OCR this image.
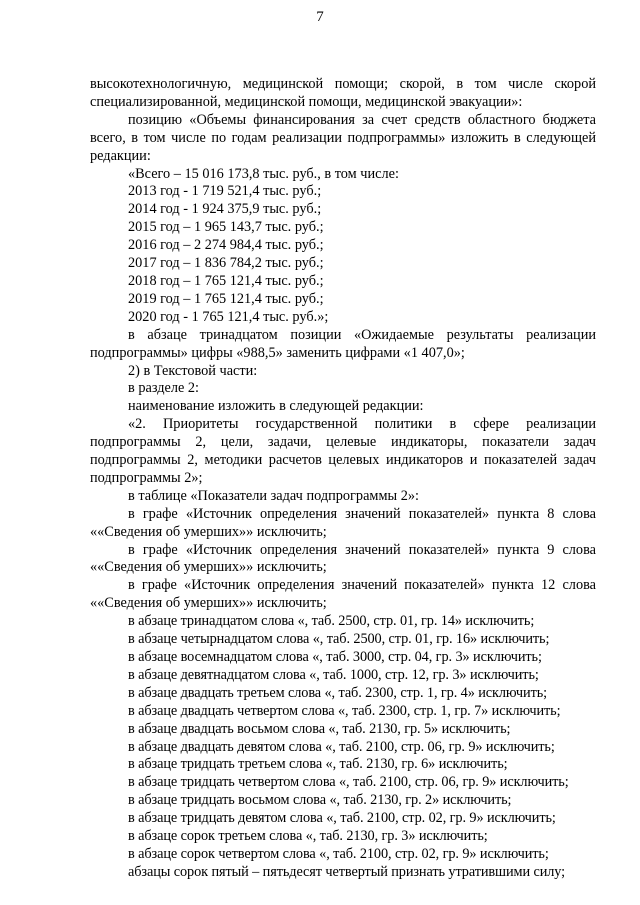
7

высокотехнологичную, медицинской помощи; скорой, в том числе скорой специализированной, медицинской помощи, медицинской эвакуации»:

позицию «Объемы финансирования за счет средств областного бюджета всего, в том числе по годам реализации подпрограммы» изложить в следующей редакции:

«Всего – 15 016 173,8 тыс. руб., в том числе:

2013 год - 1 719 521,4 тыс. руб.;

2014 год - 1 924 375,9 тыс. руб.;

2015 год – 1 965 143,7 тыс. руб.;

2016 год – 2 274 984,4 тыс. руб.;

2017 год – 1 836 784,2 тыс. руб.;

2018 год – 1 765 121,4 тыс. руб.;

2019 год – 1 765 121,4 тыс. руб.;

2020 год - 1 765 121,4 тыс. руб.»;

в абзаце тринадцатом позиции «Ожидаемые результаты реализации подпрограммы» цифры «988,5» заменить цифрами «1 407,0»;

2) в Текстовой части:

в разделе 2:

наименование изложить в следующей редакции:

«2. Приоритеты государственной политики в сфере реализации подпрограммы 2, цели, задачи, целевые индикаторы, показатели задач подпрограммы 2, методики расчетов целевых индикаторов и показателей задач подпрограммы 2»;

в таблице «Показатели задач подпрограммы 2»:

в графе «Источник определения значений показателей» пункта 8 слова ««Сведения об умерших»» исключить;

в графе «Источник определения значений показателей» пункта 9 слова ««Сведения об умерших»» исключить;

в графе «Источник определения значений показателей» пункта 12 слова ««Сведения об умерших»» исключить;

в абзаце тринадцатом слова «, таб. 2500, стр. 01, гр. 14» исключить;

в абзаце четырнадцатом слова «, таб. 2500, стр. 01, гр. 16» исключить;

в абзаце восемнадцатом слова «, таб. 3000, стр. 04, гр. 3» исключить;

в абзаце девятнадцатом слова «, таб. 1000, стр. 12, гр. 3» исключить;

в абзаце двадцать третьем слова «, таб. 2300, стр. 1, гр. 4» исключить;

в абзаце двадцать четвертом слова «, таб. 2300, стр. 1, гр. 7» исключить;

в абзаце двадцать восьмом слова «, таб. 2130, гр. 5» исключить;

в абзаце двадцать девятом слова «, таб. 2100, стр. 06, гр. 9» исключить;

в абзаце тридцать третьем слова «, таб. 2130, гр. 6» исключить;

в абзаце тридцать четвертом слова «, таб. 2100, стр. 06, гр. 9» исключить;

в абзаце тридцать восьмом слова «, таб. 2130, гр. 2» исключить;

в абзаце тридцать девятом слова «, таб. 2100, стр. 02, гр. 9» исключить;

в абзаце сорок третьем слова «, таб. 2130, гр. 3» исключить;

в абзаце сорок четвертом слова «, таб. 2100, стр. 02, гр. 9» исключить;

абзацы сорок пятый – пятьдесят четвертый признать утратившими силу;
